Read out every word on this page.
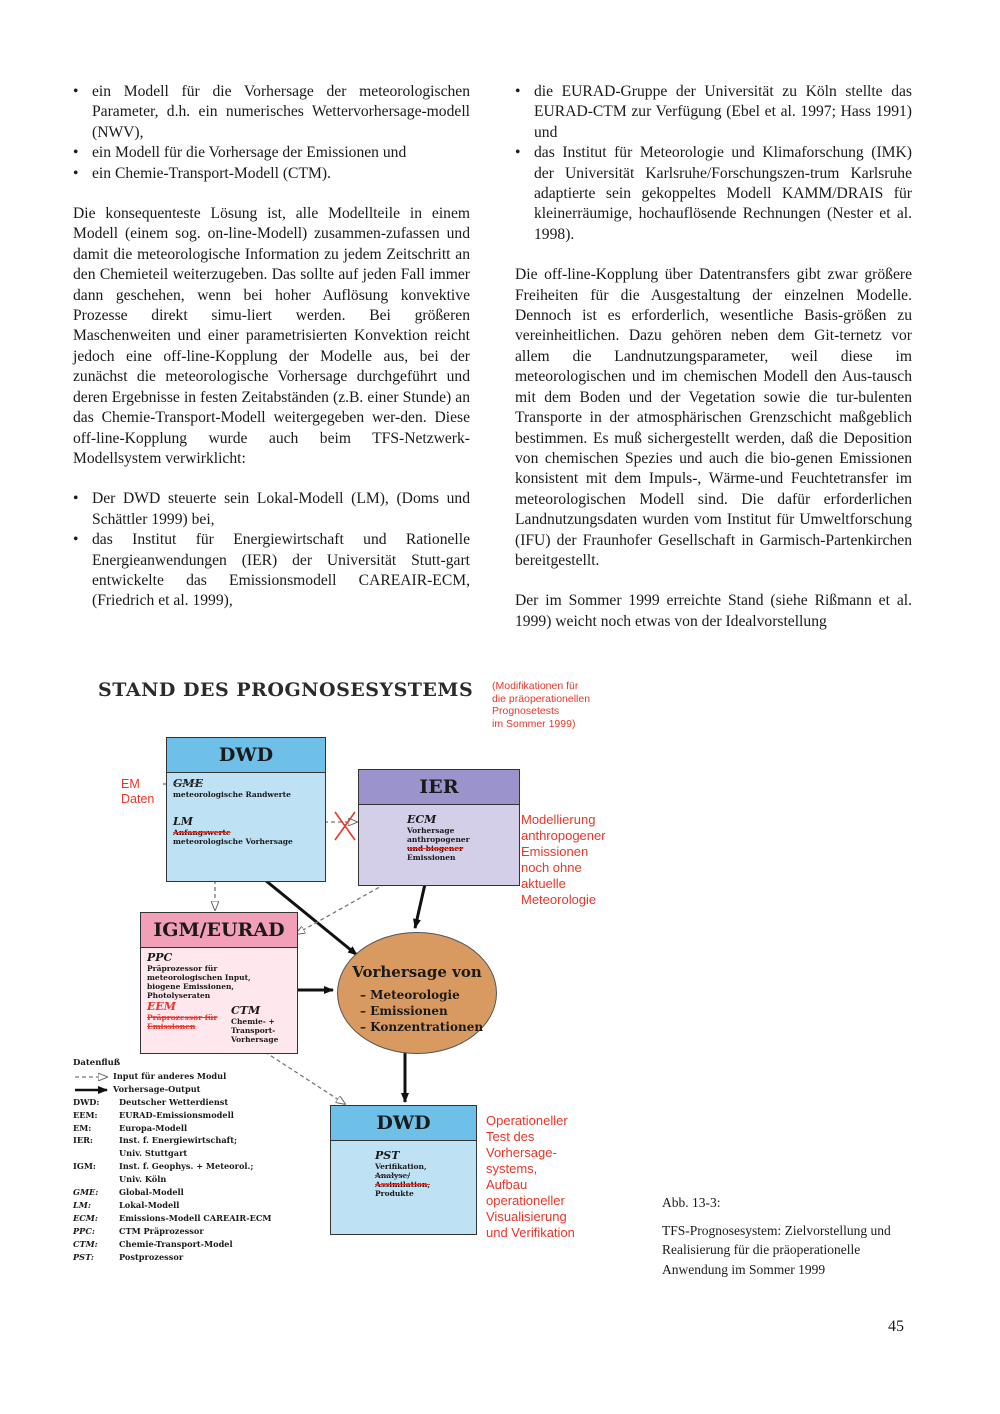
• ein Modell für die Vorhersage der meteorologischen Parameter, d.h. ein numerisches Wettervorhersage-modell (NWV),
• ein Modell für die Vorhersage der Emissionen und
• ein Chemie-Transport-Modell (CTM).

Die konsequenteste Lösung ist, alle Modellteile in einem Modell (einem sog. on-line-Modell) zusammen-zufassen und damit die meteorologische Information zu jedem Zeitschritt an den Chemieteil weiterzugeben. Das sollte auf jeden Fall immer dann geschehen, wenn bei hoher Auflösung konvektive Prozesse direkt simu-liert werden. Bei größeren Maschenweiten und einer parametrisierten Konvektion reicht jedoch eine off-line-Kopplung der Modelle aus, bei der zunächst die meteorologische Vorhersage durchgeführt und deren Ergebnisse in festen Zeitabständen (z.B. einer Stunde) an das Chemie-Transport-Modell weitergegeben wer-den. Diese off-line-Kopplung wurde auch beim TFS-Netzwerk-Modellsystem verwirklicht:

• Der DWD steuerte sein Lokal-Modell (LM), (Doms und Schättler 1999) bei,
• das Institut für Energiewirtschaft und Rationelle Energieanwendungen (IER) der Universität Stutt-gart entwickelte das Emissionsmodell CAREAIR-ECM, (Friedrich et al. 1999),
• die EURAD-Gruppe der Universität zu Köln stellte das EURAD-CTM zur Verfügung (Ebel et al. 1997; Hass 1991) und
• das Institut für Meteorologie und Klimaforschung (IMK) der Universität Karlsruhe/Forschungszen-trum Karlsruhe adaptierte sein gekoppeltes Modell KAMM/DRAIS für kleinerräumige, hochauflösende Rechnungen (Nester et al. 1998).

Die off-line-Kopplung über Datentransfers gibt zwar größere Freiheiten für die Ausgestaltung der einzelnen Modelle. Dennoch ist es erforderlich, wesentliche Basis-größen zu vereinheitlichen. Dazu gehören neben dem Git-ternetz vor allem die Landnutzungsparameter, weil diese im meteorologischen und im chemischen Modell den Aus-tausch mit dem Boden und der Vegetation sowie die tur-bulenten Transporte in der atmosphärischen Grenzschicht maßgeblich bestimmen. Es muß sichergestellt werden, daß die Deposition von chemischen Spezies und auch die bio-genen Emissionen konsistent mit dem Impuls-, Wärme-und Feuchtetransfer im meteorologischen Modell sind. Die dafür erforderlichen Landnutzungsdaten wurden vom Institut für Umweltforschung (IFU) der Fraunhofer Gesellschaft in Garmisch-Partenkirchen bereitgestellt.

Der im Sommer 1999 erreichte Stand (siehe Rißmann et al. 1999) weicht noch etwas von der Idealvorstellung

STAND DES PROGNOSESYSTEMS (Modifikationen für
die präoperationellen
Prognosetests
im Sommer 1999)
EM
Daten
DWD
GME
meteorologische Randwerte
LM
Anfangswerte
meteorologische Vorhersage
IER
ECM
Vorhersage
anthropogener
und biogener
Emissionen
Modellierung
anthropogener
Emissionen
noch ohne
aktuelle
Meteorologie
IGM/EURAD
PPC
Präprozessor für
meteorologischen Input,
biogene Emissionen,
Photolyseraten
EEM
Präprozessor für
Emissionen
CTM
Chemie- +
Transport-
Vorhersage
Vorhersage von
– Meteorologie
– Emissionen
– Konzentrationen
DWD
PST
Verifikation,
Analyse/
Assimilation,
Produkte
Operationeller
Test des
Vorhersage-
systems,
Aufbau
operationeller
Visualisierung
und Verifikation
Datenfluß
Input für anderes Modul
Vorhersage-Output
DWD:	Deutscher Wetterdienst
EEM:	EURAD-Emissionsmodell
EM:	Europa-Modell
IER:	Inst. f. Energiewirtschaft;
Univ. Stuttgart
IGM:	Inst. f. Geophys. + Meteorol.;
Univ. Köln
GME:	Global-Modell
LM:	Lokal-Modell
ECM:	Emissions-Modell CAREAIR-ECM
PPC:	CTM Präprozessor
CTM:	Chemie-Transport-Model
PST:	Postprozessor
Abb. 13-3:
TFS-Prognosesystem: Zielvorstellung und Realisierung für die präoperationelle Anwendung im Sommer 1999
45
